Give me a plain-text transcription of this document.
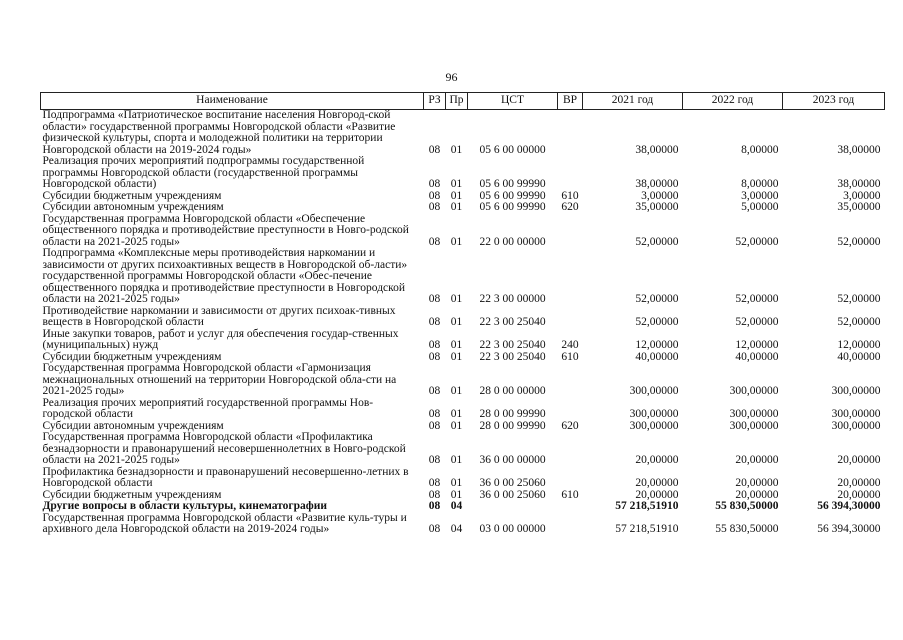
96
Наименование	РЗ	Пр	ЦСТ	ВР	2021 год	2022 год	2023 год
Подпрограмма «Патриотическое воспитание населения Новгород-ской области» государственной программы Новгородской области «Развитие физической культуры, спорта и молодежной политики на территории Новгородской области на 2019-2024 годы»	08	01	05 6 00 00000		38,00000	8,00000	38,00000
Реализация прочих мероприятий подпрограммы государственной программы Новгородской области (государственной программы Новгородской области)	08	01	05 6 00 99990		38,00000	8,00000	38,00000
Субсидии бюджетным учреждениям	08	01	05 6 00 99990	610	3,00000	3,00000	3,00000
Субсидии автономным учреждениям	08	01	05 6 00 99990	620	35,00000	5,00000	35,00000
Государственная программа Новгородской области «Обеспечение общественного порядка и противодействие преступности в Новго-родской области на 2021-2025 годы»	08	01	22 0 00 00000		52,00000	52,00000	52,00000
Подпрограмма «Комплексные меры противодействия наркомании и зависимости от других психоактивных веществ в Новгородской об-ласти» государственной программы Новгородской области «Обес-печение общественного порядка и противодействие преступности в Новгородской области на 2021-2025 годы»	08	01	22 3 00 00000		52,00000	52,00000	52,00000
Противодействие наркомании и зависимости от других психоак-тивных веществ в Новгородской области	08	01	22 3 00 25040		52,00000	52,00000	52,00000
Иные закупки товаров, работ и услуг для обеспечения государ-ственных (муниципальных) нужд	08	01	22 3 00 25040	240	12,00000	12,00000	12,00000
Субсидии бюджетным учреждениям	08	01	22 3 00 25040	610	40,00000	40,00000	40,00000
Государственная программа Новгородской области «Гармонизация межнациональных отношений на территории Новгородской обла-сти на 2021-2025 годы»	08	01	28 0 00 00000		300,00000	300,00000	300,00000
Реализация прочих мероприятий государственной программы Нов-городской области	08	01	28 0 00 99990		300,00000	300,00000	300,00000
Субсидии автономным учреждениям	08	01	28 0 00 99990	620	300,00000	300,00000	300,00000
Государственная программа Новгородской области «Профилактика безнадзорности и правонарушений несовершеннолетних в Новго-родской области на 2021-2025 годы»	08	01	36 0 00 00000		20,00000	20,00000	20,00000
Профилактика безнадзорности и правонарушений несовершенно-летних в Новгородской области	08	01	36 0 00 25060		20,00000	20,00000	20,00000
Субсидии бюджетным учреждениям	08	01	36 0 00 25060	610	20,00000	20,00000	20,00000
Другие вопросы в области культуры, кинематографии	08	04			57 218,51910	55 830,50000	56 394,30000
Государственная программа Новгородской области «Развитие куль-туры и архивного дела Новгородской области на 2019-2024 годы»	08	04	03 0 00 00000		57 218,51910	55 830,50000	56 394,30000
